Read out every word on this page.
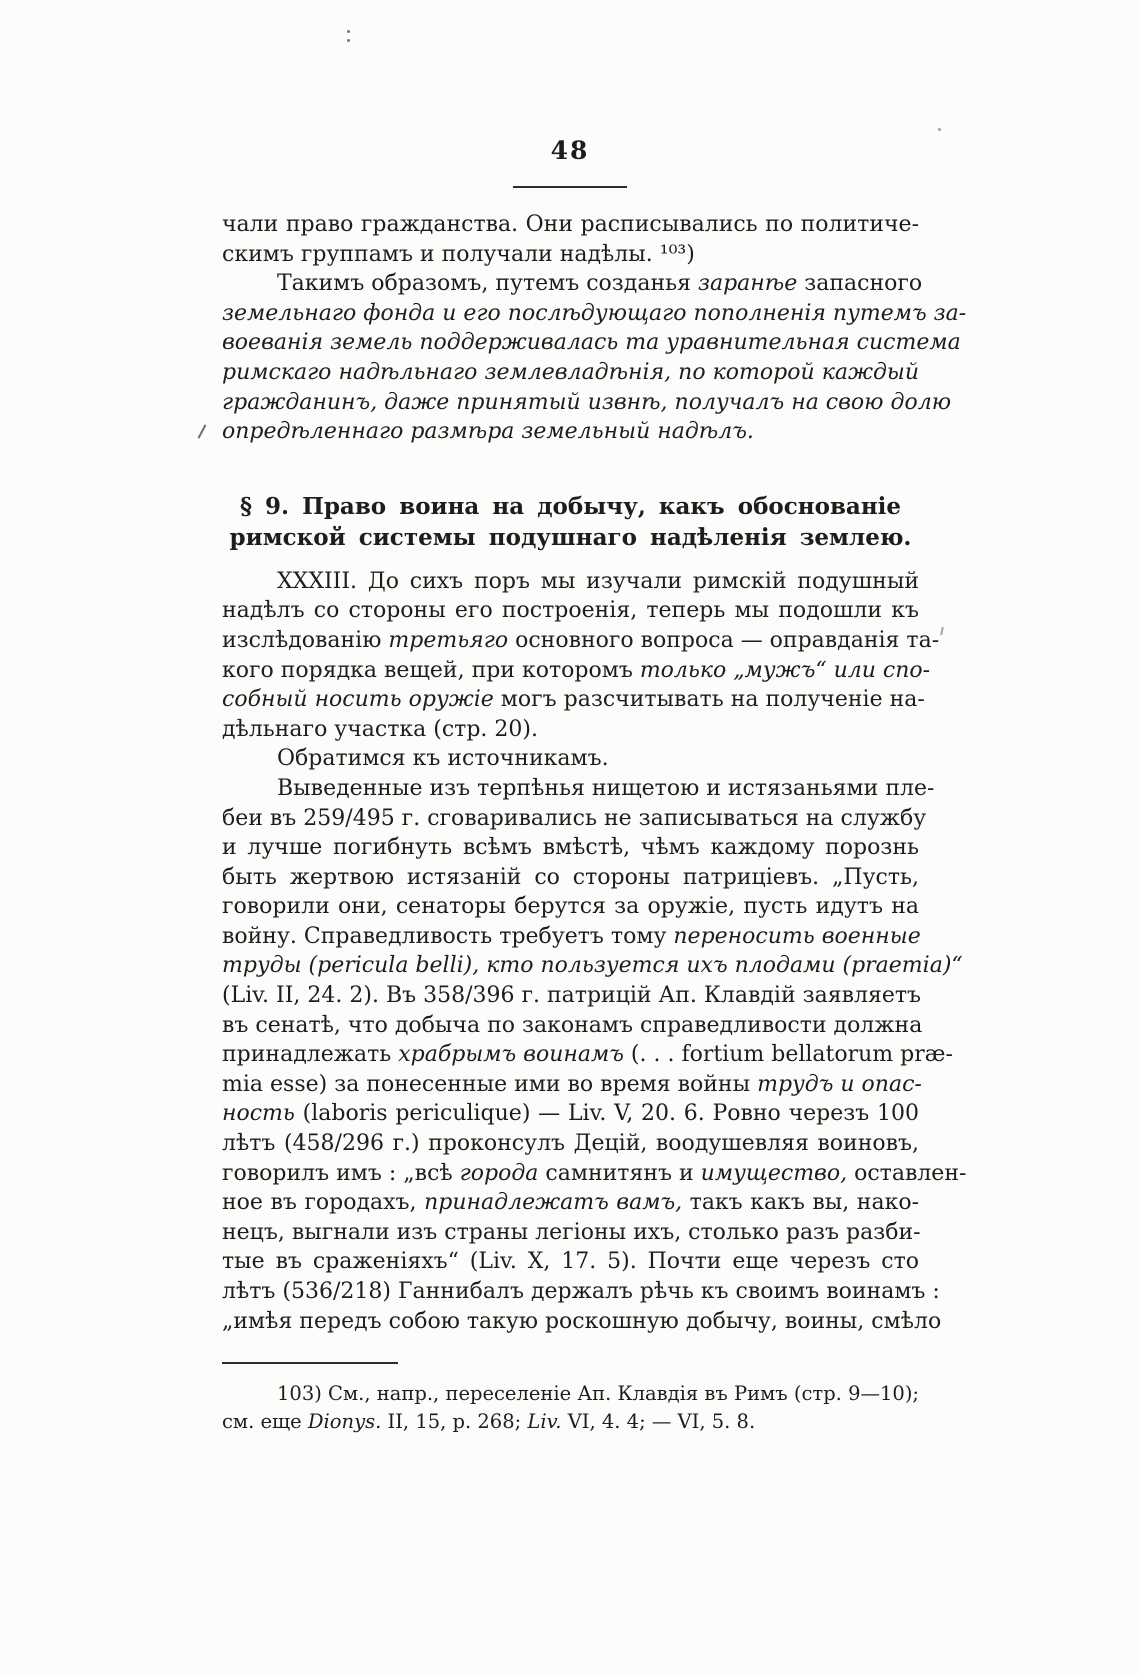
48
чали право гражданства. Они расписывались по политиче-
скимъ группамъ и получали надѣлы. ¹⁰³)
Такимъ образомъ, путемъ созданья заранѣе запасного
земельнаго фонда и его послѣдующаго пополненія путемъ за-
воеванія земель поддерживалась та уравнительная система
римскаго надѣльнаго землевладѣнія, по которой каждый
гражданинъ, даже принятый извнѣ, получалъ на свою долю
опредѣленнаго размѣра земельный надѣлъ.
§ 9. Право воина на добычу, какъ обоснованіе
римской системы подушнаго надѣленія землею.
XXXIII. До сихъ поръ мы изучали римскій подушный
надѣлъ со стороны его построенія, теперь мы подошли къ
изслѣдованію третьяго основного вопроса — оправданія та-
кого порядка вещей, при которомъ только „мужъ“ или спо-
собный носить оружіе могъ разсчитывать на полученіе на-
дѣльнаго участка (стр. 20).
Обратимся къ источникамъ.
Выведенные изъ терпѣнья нищетою и истязаньями пле-
беи въ 259/495 г. сговаривались не записываться на службу
и лучше погибнуть всѣмъ вмѣстѣ, чѣмъ каждому порознь
быть жертвою истязаній со стороны патриціевъ. „Пусть,
говорили они, сенаторы берутся за оружіе, пусть идутъ на
войну. Справедливость требуетъ тому переносить военные
труды (pericula belli), кто пользуется ихъ плодами (praemia)“
(Liv. II, 24. 2). Въ 358/396 г. патрицій Ап. Клавдій заявляетъ
въ сенатѣ, что добыча по законамъ справедливости должна
принадлежать храбрымъ воинамъ (. . . fortium bellatorum præ-
mia esse) за понесенные ими во время войны трудъ и опас-
ность (laboris periculique) — Liv. V, 20. 6. Ровно черезъ 100
лѣтъ (458/296 г.) проконсулъ Децій, воодушевляя воиновъ,
говорилъ имъ : „всѣ города самнитянъ и имущество, оставлен-
ное въ городахъ, принадлежатъ вамъ, такъ какъ вы, нако-
нецъ, выгнали изъ страны легіоны ихъ, столько разъ разби-
тые въ сраженіяхъ“ (Liv. X, 17. 5). Почти еще черезъ сто
лѣтъ (536/218) Ганнибалъ держалъ рѣчь къ своимъ воинамъ :
„имѣя передъ собою такую роскошную добычу, воины, смѣло
103) См., напр., переселеніе Ап. Клавдія въ Римъ (стр. 9—10);
см. еще Dionys. II, 15, p. 268; Liv. VI, 4. 4; — VI, 5. 8.
